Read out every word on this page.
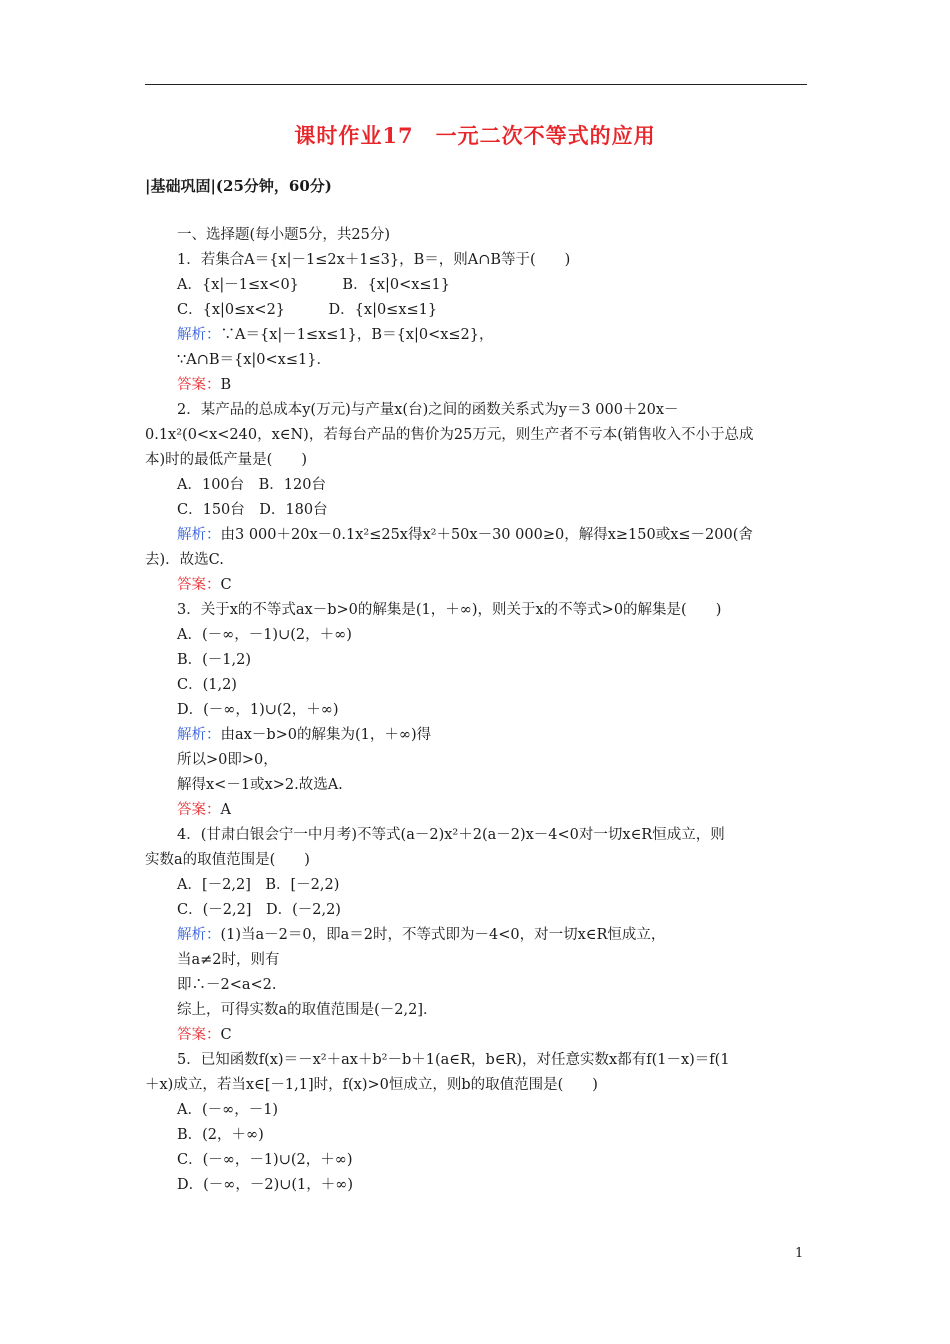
课时作业17　一元二次不等式的应用
|基础巩固|(25分钟，60分)
一、选择题(每小题5分，共25分)
1．若集合A＝{x|－1≤2x＋1≤3}，B＝，则A∩B等于(　　)
A．{x|－1≤x<0}　　　B．{x|0<x≤1}
C．{x|0≤x<2}　　　D．{x|0≤x≤1}
解析：∵A＝{x|－1≤x≤1}，B＝{x|0<x≤2}，
∵A∩B＝{x|0<x≤1}．
答案：B
2．某产品的总成本y(万元)与产量x(台)之间的函数关系式为y＝3 000＋20x－
0.1x²(0<x<240，x∈N)，若每台产品的售价为25万元，则生产者不亏本(销售收入不小于总成
本)时的最低产量是(　　)
A．100台　B．120台
C．150台　D．180台
解析：由3 000＋20x－0.1x²≤25x得x²＋50x－30 000≥0，解得x≥150或x≤－200(舍
去)．故选C.
答案：C
3．关于x的不等式ax－b>0的解集是(1，＋∞)，则关于x的不等式>0的解集是(　　)
A．(－∞，－1)∪(2，＋∞)
B．(－1,2)
C．(1,2)
D．(－∞，1)∪(2，＋∞)
解析：由ax－b>0的解集为(1，＋∞)得
所以>0即>0，
解得x<－1或x>2.故选A.
答案：A
4．(甘肃白银会宁一中月考)不等式(a－2)x²＋2(a－2)x－4<0对一切x∈R恒成立，则
实数a的取值范围是(　　)
A．[－2,2]　B．[－2,2)
C．(－2,2]　D．(－2,2)
解析：(1)当a－2＝0，即a＝2时，不等式即为－4<0，对一切x∈R恒成立，
当a≠2时，则有
即∴－2<a<2.
综上，可得实数a的取值范围是(－2,2]．
答案：C
5．已知函数f(x)＝－x²＋ax＋b²－b＋1(a∈R，b∈R)，对任意实数x都有f(1－x)＝f(1
＋x)成立，若当x∈[－1,1]时，f(x)>0恒成立，则b的取值范围是(　　)
A．(－∞，－1)
B．(2，＋∞)
C．(－∞，－1)∪(2，＋∞)
D．(－∞，－2)∪(1，＋∞)
1
